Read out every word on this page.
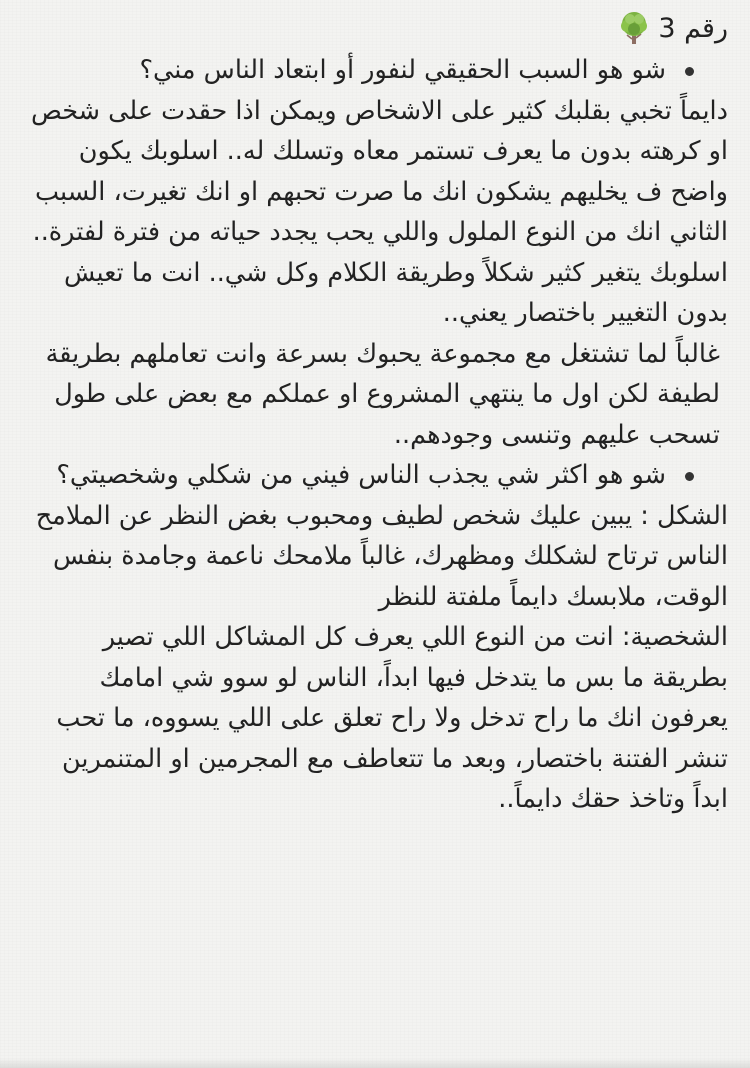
رقم 3

شو هو السبب الحقيقي لنفور أو ابتعاد الناس مني؟

دايماً تخبي بقلبك كثير على الاشخاص ويمكن اذا حقدت على شخص او كرهته بدون ما يعرف تستمر معاه وتسلك له.. اسلوبك يكون واضح ف يخليهم يشكون انك ما صرت تحبهم او انك تغيرت، السبب الثاني انك من النوع الملول واللي يحب يجدد حياته من فترة لفترة.. اسلوبك يتغير كثير شكلاً وطريقة الكلام وكل شي.. انت ما تعيش بدون التغيير باختصار يعني..

غالباً لما تشتغل مع مجموعة يحبوك بسرعة وانت تعاملهم بطريقة لطيفة لكن اول ما ينتهي المشروع او عملكم مع بعض على طول تسحب عليهم وتنسى وجودهم..

شو هو اكثر شي يجذب الناس فيني من شكلي وشخصيتي؟

الشكل : يبين عليك شخص لطيف ومحبوب بغض النظر عن الملامح الناس ترتاح لشكلك ومظهرك، غالباً ملامحك ناعمة وجامدة بنفس الوقت، ملابسك دايماً ملفتة للنظر

الشخصية: انت من النوع اللي يعرف كل المشاكل اللي تصير بطريقة ما بس ما يتدخل فيها ابداً، الناس لو سوو شي امامك يعرفون انك ما راح تدخل ولا راح تعلق على اللي يسووه، ما تحب تنشر الفتنة باختصار، وبعد ما تتعاطف مع المجرمين او المتنمرين ابداً وتاخذ حقك دايماً..
